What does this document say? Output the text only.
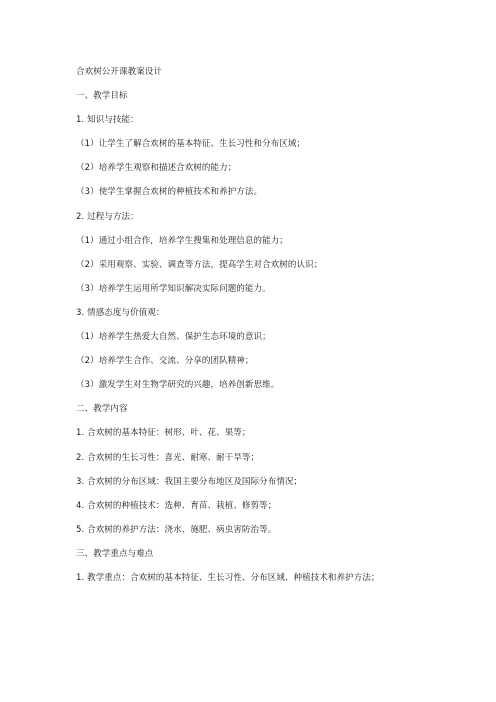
合欢树公开课教案设计
一、教学目标
1. 知识与技能：
（1）让学生了解合欢树的基本特征、生长习性和分布区域；
（2）培养学生观察和描述合欢树的能力；
（3）使学生掌握合欢树的种植技术和养护方法。
2. 过程与方法：
（1）通过小组合作，培养学生搜集和处理信息的能力；
（2）采用观察、实验、调查等方法，提高学生对合欢树的认识；
（3）培养学生运用所学知识解决实际问题的能力。
3. 情感态度与价值观：
（1）培养学生热爱大自然、保护生态环境的意识；
（2）培养学生合作、交流、分享的团队精神；
（3）激发学生对生物学研究的兴趣，培养创新思维。
二、教学内容
1. 合欢树的基本特征：树形、叶、花、果等；
2. 合欢树的生长习性：喜光、耐寒、耐干旱等；
3. 合欢树的分布区域：我国主要分布地区及国际分布情况；
4. 合欢树的种植技术：选种、育苗、栽植、修剪等；
5. 合欢树的养护方法：浇水、施肥、病虫害防治等。
三、教学重点与难点
1. 教学重点：合欢树的基本特征、生长习性、分布区域、种植技术和养护方法；
